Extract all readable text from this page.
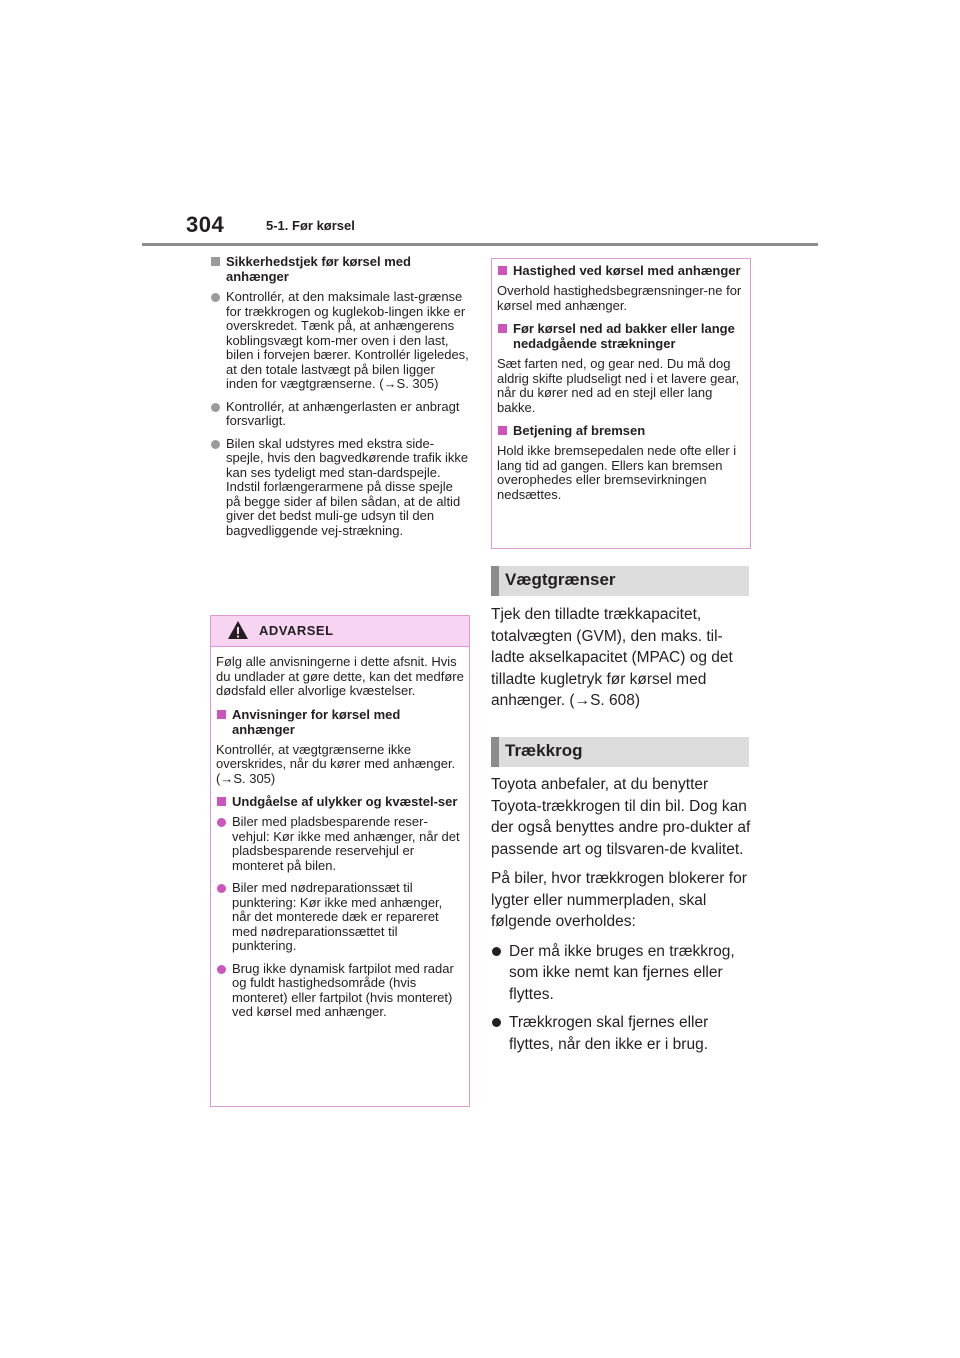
304	5-1. Før kørsel
Sikkerhedstjek før kørsel med anhænger
Kontrollér, at den maksimale last-grænse for trækkrogen og kuglekob-lingen ikke er overskredet. Tænk på, at anhængerens koblingsvægt kom-mer oven i den last, bilen i forvejen bærer. Kontrollér ligeledes, at den totale lastvægt på bilen ligger inden for vægtgrænserne. (→S. 305)
Kontrollér, at anhængerlasten er anbragt forsvarligt.
Bilen skal udstyres med ekstra side-spejle, hvis den bagvedkørende trafik ikke kan ses tydeligt med stan-dardspejle. Indstil forlængerarmene på disse spejle på begge sider af bilen sådan, at de altid giver det bedst muli-ge udsyn til den bagvedliggende vej-strækning.
ADVARSEL
Følg alle anvisningerne i dette afsnit. Hvis du undlader at gøre dette, kan det medføre dødsfald eller alvorlige kvæstelser.
Anvisninger for kørsel med anhænger
Kontrollér, at vægtgrænserne ikke overskrides, når du kører med anhænger. (→S. 305)
Undgåelse af ulykker og kvæstel-ser
Biler med pladsbesparende reser-vehjul: Kør ikke med anhænger, når det pladsbesparende reservehjul er monteret på bilen.
Biler med nødreparationssæt til punktering: Kør ikke med anhænger, når det monterede dæk er repareret med nødreparationssættet til punktering.
Brug ikke dynamisk fartpilot med radar og fuldt hastighedsområde (hvis monteret) eller fartpilot (hvis monteret) ved kørsel med anhænger.
Hastighed ved kørsel med anhænger
Overhold hastighedsbegrænsninger-ne for kørsel med anhænger.
Før kørsel ned ad bakker eller lange nedadgående strækninger
Sæt farten ned, og gear ned. Du må dog aldrig skifte pludseligt ned i et lavere gear, når du kører ned ad en stejl eller lang bakke.
Betjening af bremsen
Hold ikke bremsepedalen nede ofte eller i lang tid ad gangen. Ellers kan bremsen overophedes eller bremsevirkningen nedsættes.
Vægtgrænser

Tjek den tilladte trækkapacitet, totalvægten (GVM), den maks. til-ladte akselkapacitet (MPAC) og det tilladte kugletryk før kørsel med anhænger. (→S. 608)

Trækkrog

Toyota anbefaler, at du benytter Toyota-trækkrogen til din bil. Dog kan der også benyttes andre pro-dukter af passende art og tilsvaren-de kvalitet.

På biler, hvor trækkrogen blokerer for lygter eller nummerpladen, skal følgende overholdes:

Der må ikke bruges en trækkrog, som ikke nemt kan fjernes eller flyttes.
Trækkrogen skal fjernes eller flyttes, når den ikke er i brug.
